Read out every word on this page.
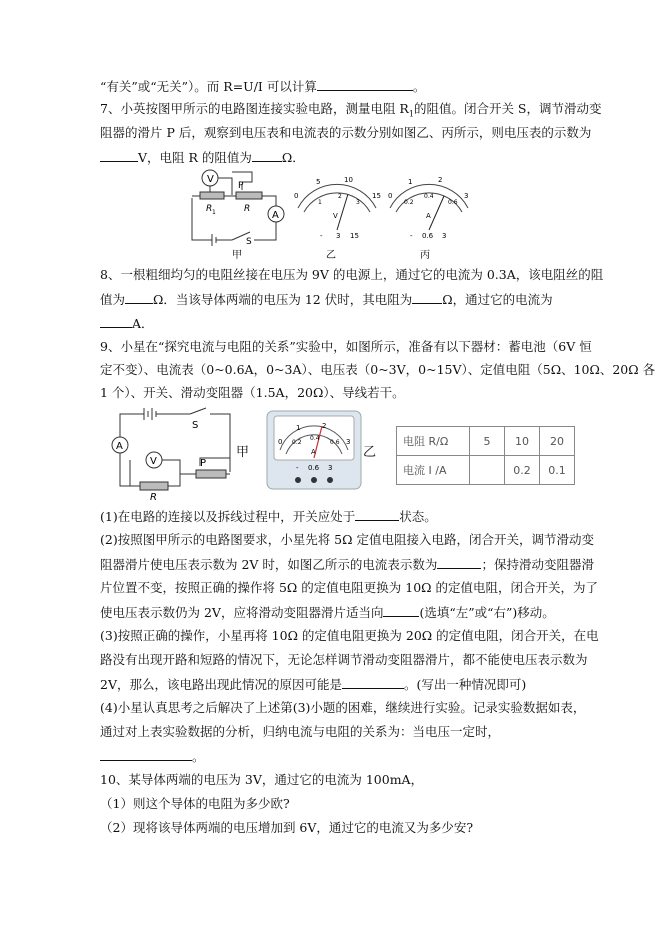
“有关”或“无关”）。而 R=U/I 可以计算	。
7、小英按图甲所示的电路图连接实验电路，测量电阻 $R_1$的阻值。闭合开关 S，调节滑动变
阻器的滑片 P 后，观察到电压表和电流表的示数分别如图乙、丙所示，则电压表的示数为
V，电阻 R 的阻值为 Ω．
V
A
P
R 1	R
S
甲
0
5	10
15
1
2
3
V
- 3 15
乙
0
1	2
3
0.2
0.4
0.6
A
- 0.6 3
丙
8、一根粗细均匀的电阻丝接在电压为 9V 的电源上，通过它的电流为 0.3A，该电阻丝的阻
值为 Ω．当该导体两端的电压为 12 伏时，其电阻为 Ω，通过它的电流为
A．
9、小星在“探究电流与电阻的关系”实验中，如图所示，准备有以下器材：蓄电池（6V 恒
定不变）、电流表（0~0.6A，0~3A）、电压表（0~3V，0~15V）、定值电阻（5Ω、10Ω、20Ω 各
1 个）、开关、滑动变阻器（1.5A，20Ω）、导线若干。
A
V
S
P
R
甲
0
1	2
3
0.2
0.4
0.6
A
- 0.6 3
乙
电阻 R/Ω	5	10	20
电流 I /A		0.2	0.1
(1)在电路的连接以及拆线过程中，开关应处于	状态。
(2)按照图甲所示的电路图要求，小星先将 5Ω 定值电阻接入电路，闭合开关，调节滑动变
阻器滑片使电压表示数为 2V 时，如图乙所示的电流表示数为	；保持滑动变阻器滑
片位置不变，按照正确的操作将 5Ω 的定值电阻更换为 10Ω 的定值电阻，闭合开关，为了
使电压表示数仍为 2V，应将滑动变阻器滑片适当向	(选填“左”或“右”)移动。
(3)按照正确的操作，小星再将 10Ω 的定值电阻更换为 20Ω 的定值电阻，闭合开关，在电
路没有出现开路和短路的情况下，无论怎样调节滑动变阻器滑片，都不能使电压表示数为
2V，那么，该电路出现此情况的原因可能是	。(写出一种情况即可)
(4)小星认真思考之后解决了上述第(3)小题的困难，继续进行实验。记录实验数据如表，
通过对上表实验数据的分析，归纳电流与电阻的关系为：当电压一定时，
。
10、某导体两端的电压为 3V，通过它的电流为 100mA，
（1）则这个导体的电阻为多少欧?
（2）现将该导体两端的电压增加到 6V，通过它的电流又为多少安?
